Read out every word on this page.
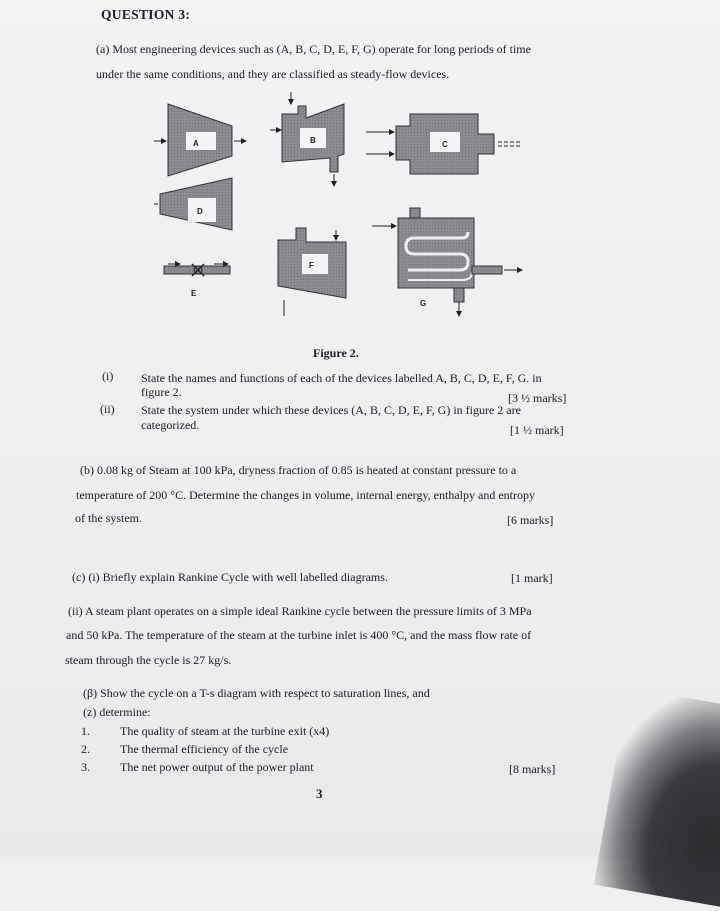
QUESTION 3:
(a) Most engineering devices such as (A, B, C, D, E, F, G) operate for long periods of time
under the same conditions, and they are classified as steady-flow devices.
A	B	C
D
E
F
G
Figure 2.
(i) State the names and functions of each of the devices labelled A, B, C, D, E, F, G. in
figure 2.	[3 ½ marks]
(ii) State the system under which these devices (A, B, C, D, E, F, G) in figure 2 are
categorized.	[1 ½ mark]
(b) 0.08 kg of Steam at 100 kPa, dryness fraction of 0.85 is heated at constant pressure to a
temperature of 200 °C. Determine the changes in volume, internal energy, enthalpy and entropy
of the system.	[6 marks]
(c) (i) Briefly explain Rankine Cycle with well labelled diagrams.	[1 mark]
(ii) A steam plant operates on a simple ideal Rankine cycle between the pressure limits of 3 MPa
and 50 kPa. The temperature of the steam at the turbine inlet is 400 °C, and the mass flow rate of
steam through the cycle is 27 kg/s.
(β) Show the cycle on a T-s diagram with respect to saturation lines, and
(z) determine:
1.	The quality of steam at the turbine exit (x4)
2.	The thermal efficiency of the cycle
3.	The net power output of the power plant	[8 marks]
3
